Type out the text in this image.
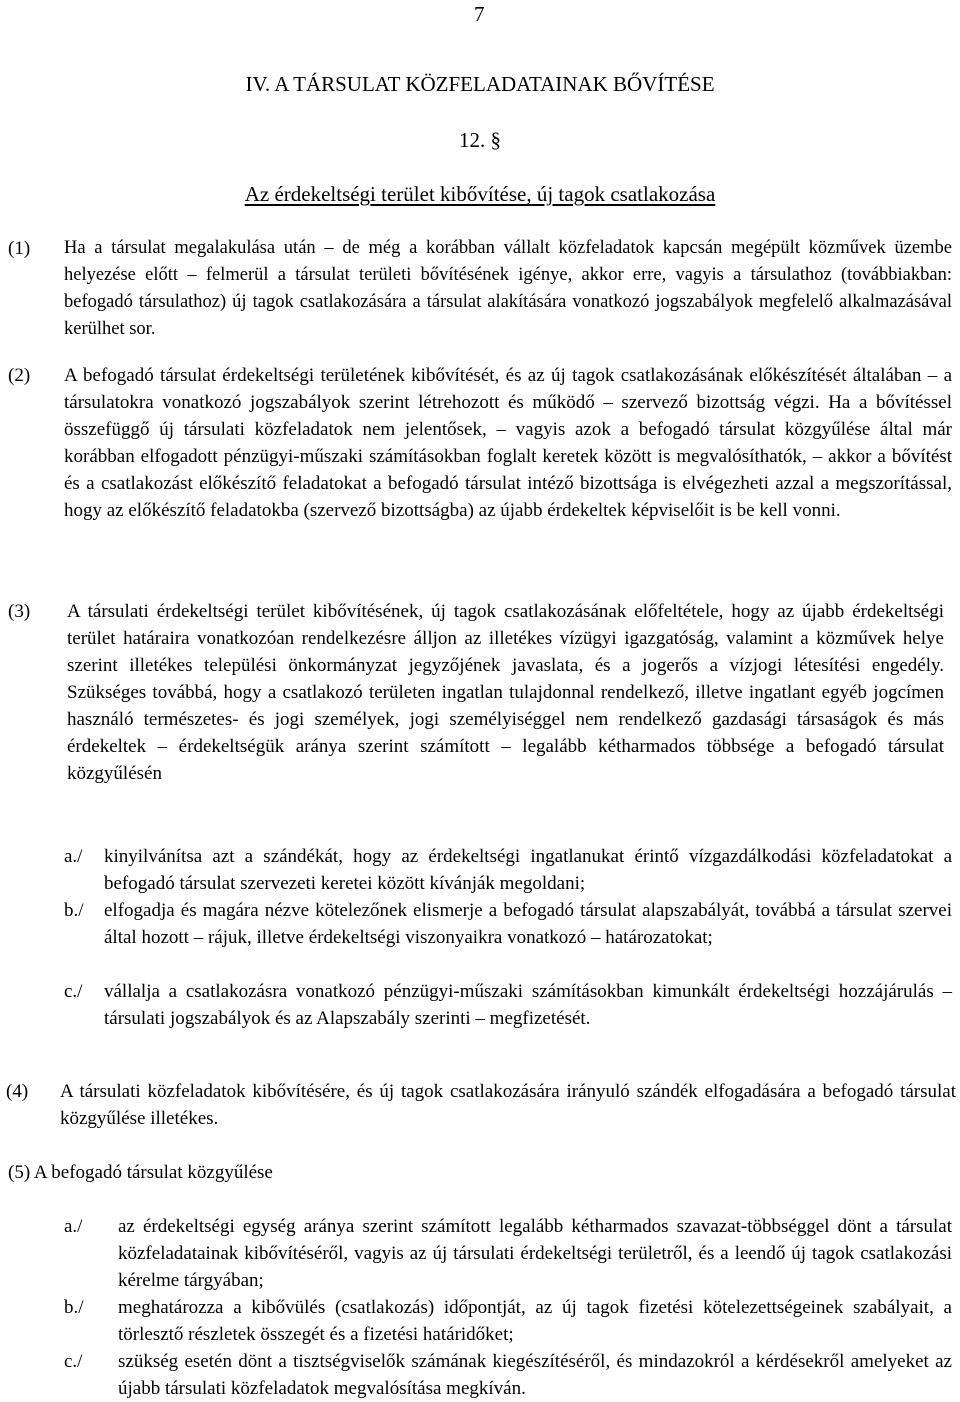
7
IV. A TÁRSULAT KÖZFELADATAINAK BŐVÍTÉSE
12. §
Az érdekeltségi terület kibővítése, új tagok csatlakozása
(1) Ha a társulat megalakulása után – de még a korábban vállalt közfeladatok kapcsán megépült közművek üzembe helyezése előtt – felmerül a társulat területi bővítésének igénye, akkor erre, vagyis a társulathoz (továbbiakban: befogadó társulathoz) új tagok csatlakozására a társulat alakítására vonatkozó jogszabályok megfelelő alkalmazásával kerülhet sor.
(2) A befogadó társulat érdekeltségi területének kibővítését, és az új tagok csatlakozásának előkészítését általában – a társulatokra vonatkozó jogszabályok szerint létrehozott és működő – szervező bizottság végzi. Ha a bővítéssel összefüggő új társulati közfeladatok nem jelentősek, – vagyis azok a befogadó társulat közgyűlése által már korábban elfogadott pénzügyi-műszaki számításokban foglalt keretek között is megvalósíthatók, – akkor a bővítést és a csatlakozást előkészítő feladatokat a befogadó társulat intéző bizottsága is elvégezheti azzal a megszorítással, hogy az előkészítő feladatokba (szervező bizottságba) az újabb érdekeltek képviselőit is be kell vonni.
(3) A társulati érdekeltségi terület kibővítésének, új tagok csatlakozásának előfeltétele, hogy az újabb érdekeltségi terület határaira vonatkozóan rendelkezésre álljon az illetékes vízügyi igazgatóság, valamint a közművek helye szerint illetékes települési önkormányzat jegyzőjének javaslata, és a jogerős a vízjogi létesítési engedély. Szükséges továbbá, hogy a csatlakozó területen ingatlan tulajdonnal rendelkező, illetve ingatlant egyéb jogcímen használó természetes- és jogi személyek, jogi személyiséggel nem rendelkező gazdasági társaságok és más érdekeltek – érdekeltségük aránya szerint számított – legalább kétharmados többsége a befogadó társulat közgyűlésén
a./ kinyilvánítsa azt a szándékát, hogy az érdekeltségi ingatlanukat érintő vízgazdálkodási közfeladatokat a befogadó társulat szervezeti keretei között kívánják megoldani;
b./ elfogadja és magára nézve kötelezőnek elismerje a befogadó társulat alapszabályát, továbbá a társulat szervei által hozott – rájuk, illetve érdekeltségi viszonyaikra vonatkozó – határozatokat;
c./ vállalja a csatlakozásra vonatkozó pénzügyi-műszaki számításokban kimunkált érdekeltségi hozzájárulás – társulati jogszabályok és az Alapszabály szerinti – megfizetését.
(4) A társulati közfeladatok kibővítésére, és új tagok csatlakozására irányuló szándék elfogadására a befogadó társulat közgyűlése illetékes.
(5) A befogadó társulat közgyűlése
a./ az érdekeltségi egység aránya szerint számított legalább kétharmados szavazat-többséggel dönt a társulat közfeladatainak kibővítéséről, vagyis az új társulati érdekeltségi területről, és a leendő új tagok csatlakozási kérelme tárgyában;
b./ meghatározza a kibővülés (csatlakozás) időpontját, az új tagok fizetési kötelezettségeinek szabályait, a törlesztő részletek összegét és a fizetési határidőket;
c./ szükség esetén dönt a tisztségviselők számának kiegészítéséről, és mindazokról a kérdésekről amelyeket az újabb társulati közfeladatok megvalósítása megkíván.
